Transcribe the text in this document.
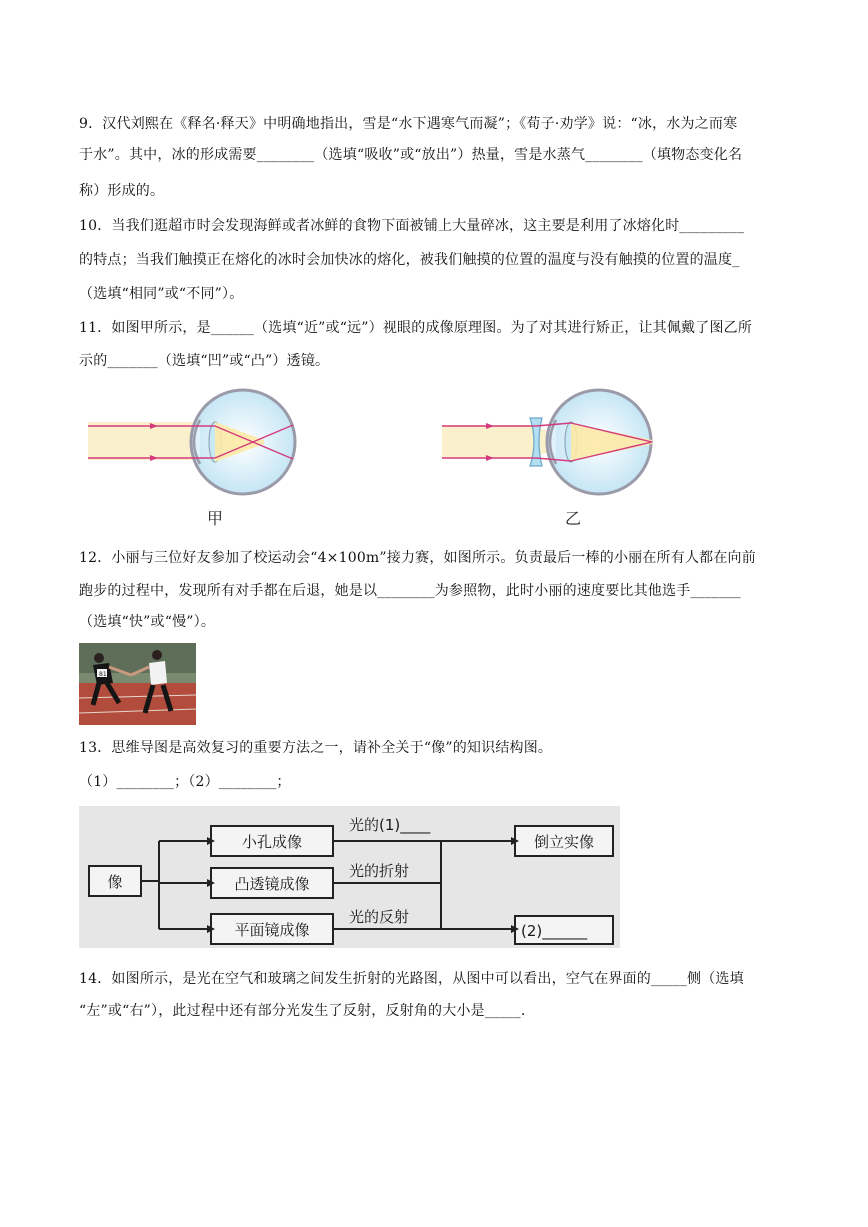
9．汉代刘熙在《释名·释天》中明确地指出，雪是“水下遇寒气而凝”；《荀子·劝学》说：“冰，水为之而寒
于水”。其中，冰的形成需要________（选填“吸收”或“放出”）热量，雪是水蒸气________（填物态变化名
称）形成的。
10．当我们逛超市时会发现海鲜或者冰鲜的食物下面被铺上大量碎冰，这主要是利用了冰熔化时_________
的特点；当我们触摸正在熔化的冰时会加快冰的熔化，被我们触摸的位置的温度与没有触摸的位置的温度_
（选填“相同”或“不同”）。
11．如图甲所示，是______（选填“近”或“远”）视眼的成像原理图。为了对其进行矫正，让其佩戴了图乙所
示的_______（选填“凹”或“凸”）透镜。
甲	乙
12．小丽与三位好友参加了校运动会“4×100m”接力赛，如图所示。负责最后一棒的小丽在所有人都在向前
跑步的过程中，发现所有对手都在后退，她是以________为参照物，此时小丽的速度要比其他选手_______
（选填“快”或“慢”）。
81
13．思维导图是高效复习的重要方法之一，请补全关于“像”的知识结构图。
（1）________；（2）________；
像
小孔成像
凸透镜成像
平面镜成像
光的(1)____
光的折射
光的反射
倒立实像
(2)______
14．如图所示，是光在空气和玻璃之间发生折射的光路图，从图中可以看出，空气在界面的_____侧（选填
“左”或“右”），此过程中还有部分光发生了反射，反射角的大小是_____.
